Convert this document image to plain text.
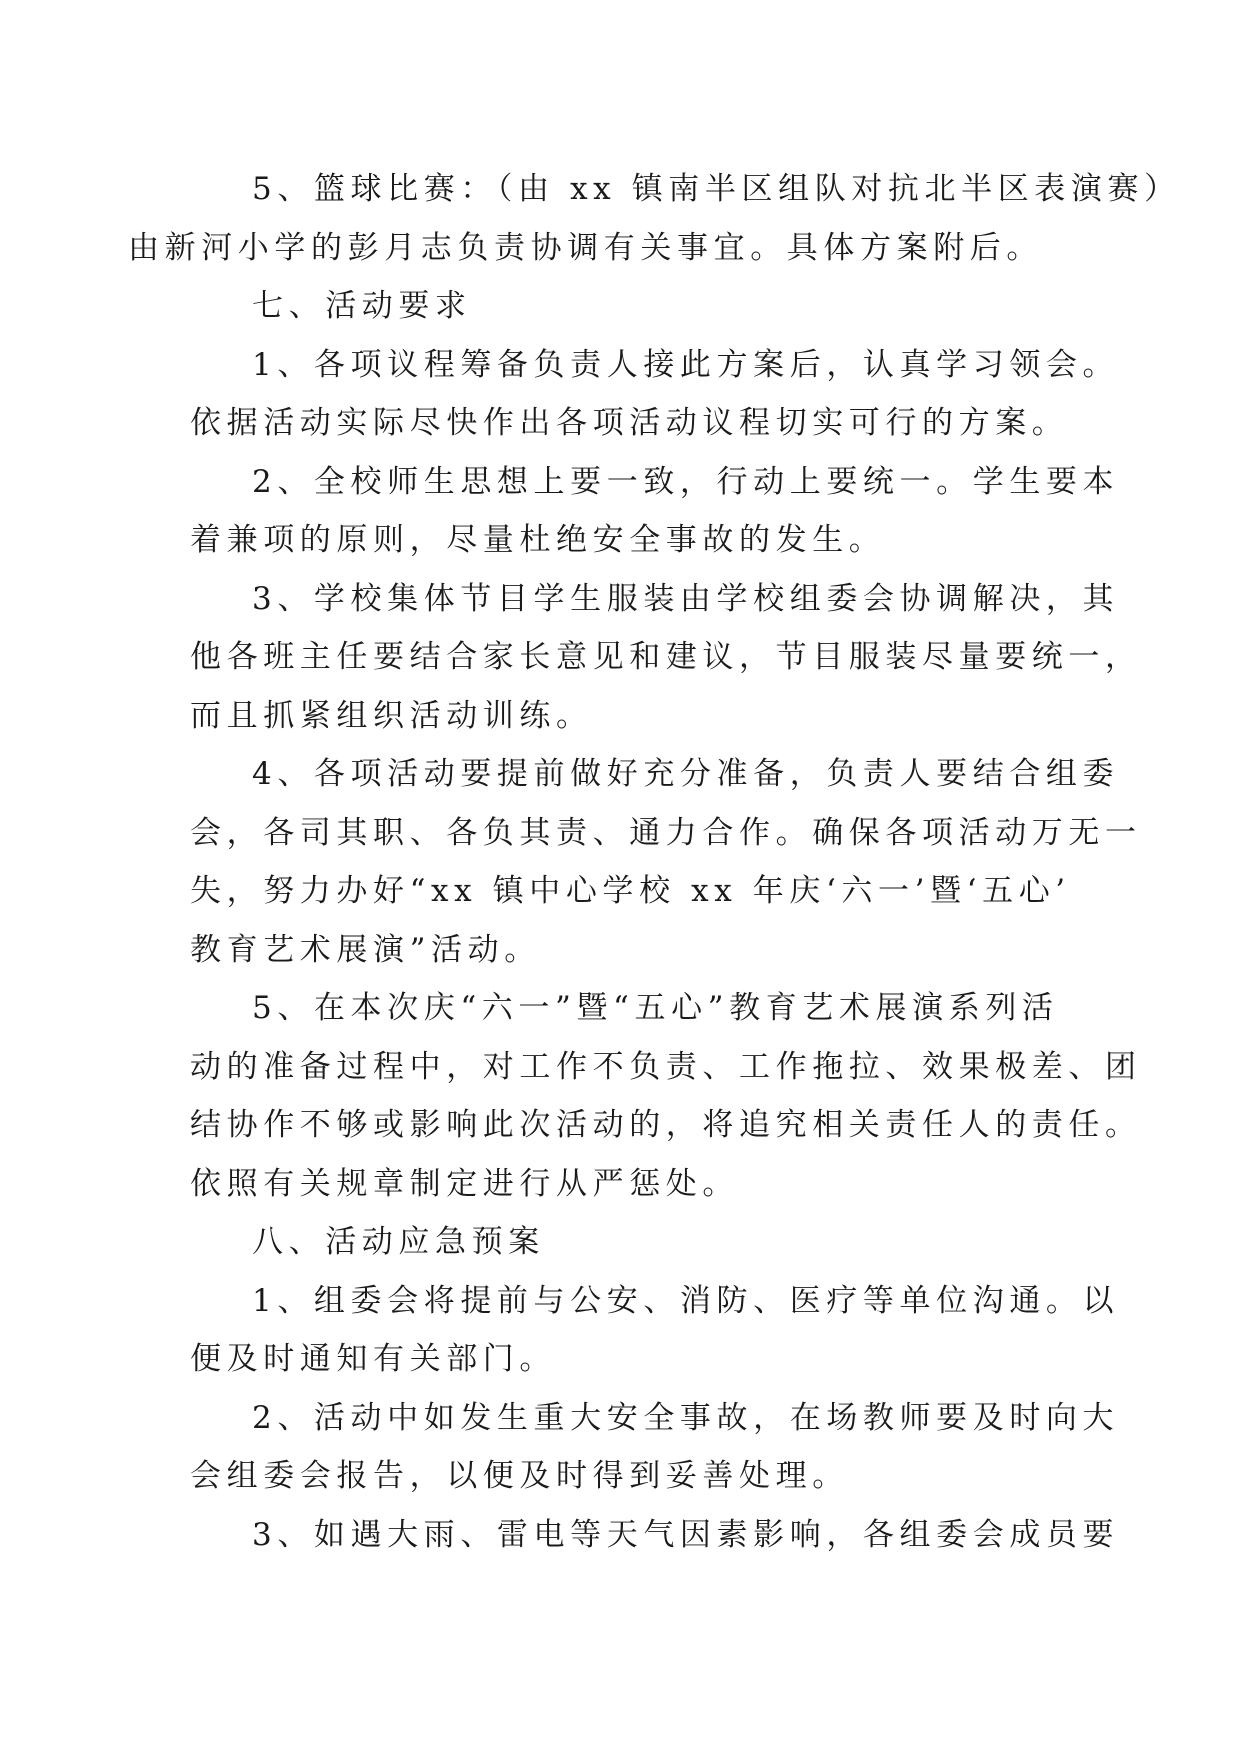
5、篮球比赛：（由 xx 镇南半区组队对抗北半区表演赛）
由新河小学的彭月志负责协调有关事宜。具体方案附后。

七、活动要求

1、各项议程筹备负责人接此方案后，认真学习领会。
依据活动实际尽快作出各项活动议程切实可行的方案。

2、全校师生思想上要一致，行动上要统一。学生要本
着兼项的原则，尽量杜绝安全事故的发生。

3、学校集体节目学生服装由学校组委会协调解决，其
他各班主任要结合家长意见和建议，节目服装尽量要统一，
而且抓紧组织活动训练。

4、各项活动要提前做好充分准备，负责人要结合组委
会，各司其职、各负其责、通力合作。确保各项活动万无一
失，努力办好“xx 镇中心学校 xx 年庆‘六一’暨‘五心’
教育艺术展演”活动。

5、在本次庆“六一”暨“五心”教育艺术展演系列活
动的准备过程中，对工作不负责、工作拖拉、效果极差、团
结协作不够或影响此次活动的，将追究相关责任人的责任。
依照有关规章制定进行从严惩处。

八、活动应急预案

1、组委会将提前与公安、消防、医疗等单位沟通。以
便及时通知有关部门。

2、活动中如发生重大安全事故，在场教师要及时向大
会组委会报告，以便及时得到妥善处理。

3、如遇大雨、雷电等天气因素影响，各组委会成员要
